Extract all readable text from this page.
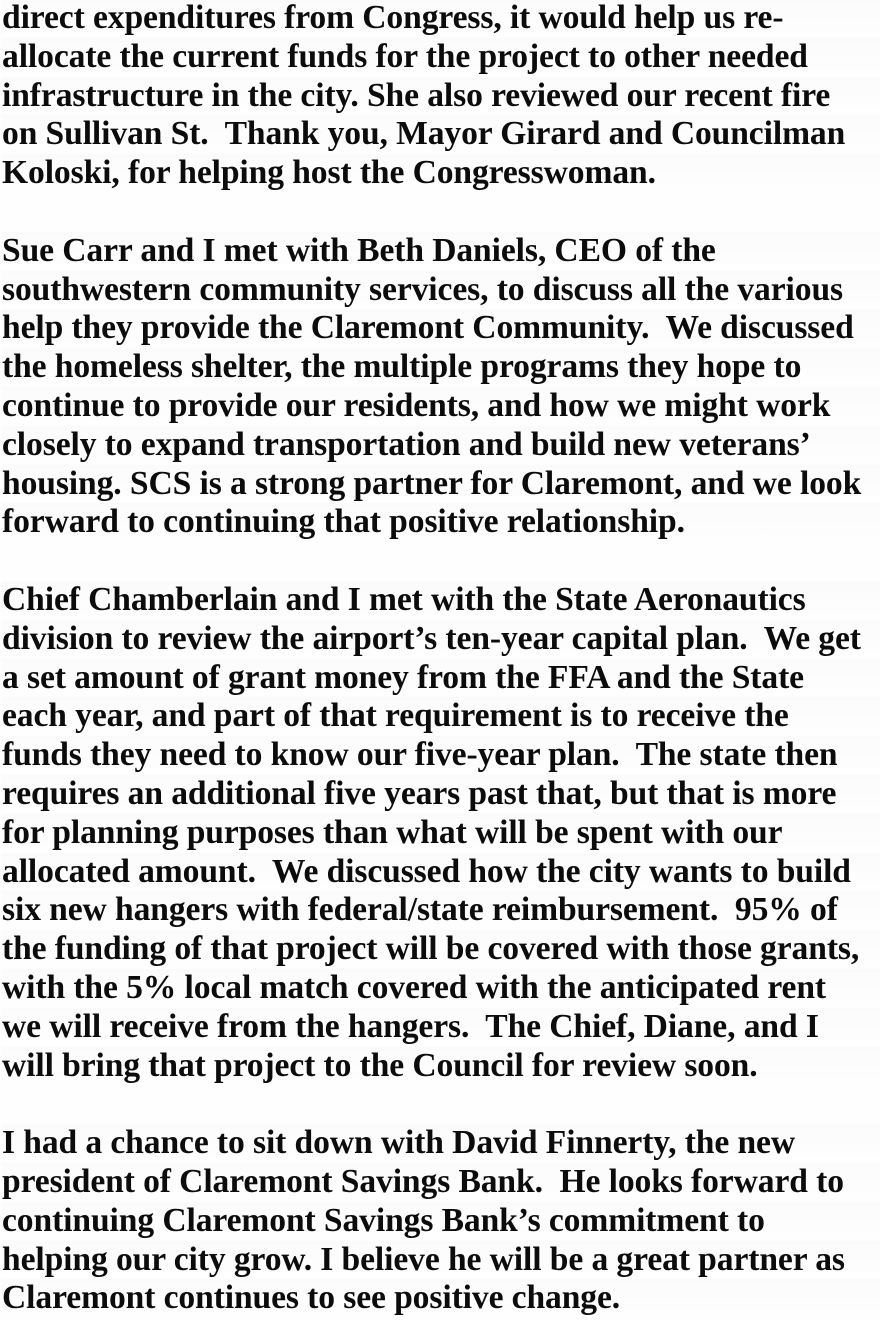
direct expenditures from Congress, it would help us re-
allocate the current funds for the project to other needed
infrastructure in the city. She also reviewed our recent fire
on Sullivan St.  Thank you, Mayor Girard and Councilman
Koloski, for helping host the Congresswoman.
Sue Carr and I met with Beth Daniels, CEO of the
southwestern community services, to discuss all the various
help they provide the Claremont Community.  We discussed
the homeless shelter, the multiple programs they hope to
continue to provide our residents, and how we might work
closely to expand transportation and build new veterans’
housing. SCS is a strong partner for Claremont, and we look
forward to continuing that positive relationship.
Chief Chamberlain and I met with the State Aeronautics
division to review the airport’s ten-year capital plan.  We get
a set amount of grant money from the FFA and the State
each year, and part of that requirement is to receive the
funds they need to know our five-year plan.  The state then
requires an additional five years past that, but that is more
for planning purposes than what will be spent with our
allocated amount.  We discussed how the city wants to build
six new hangers with federal/state reimbursement.  95% of
the funding of that project will be covered with those grants,
with the 5% local match covered with the anticipated rent
we will receive from the hangers.  The Chief, Diane, and I
will bring that project to the Council for review soon.
I had a chance to sit down with David Finnerty, the new
president of Claremont Savings Bank.  He looks forward to
continuing Claremont Savings Bank’s commitment to
helping our city grow. I believe he will be a great partner as
Claremont continues to see positive change.
